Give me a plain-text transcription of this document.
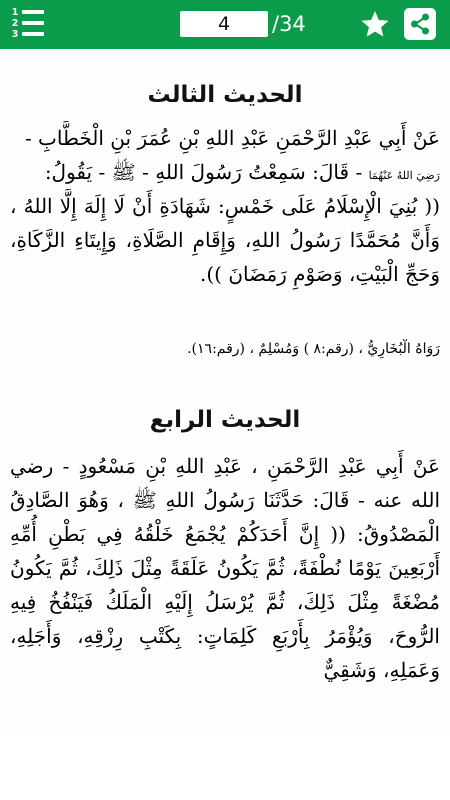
1
2
3
4	/34
الحديث الثالث
عَنْ أَبِي عَبْدِ الرَّحْمَنِ عَبْدِ اللهِ بْنِ عُمَرَ بْنِ الْخَطَّابِ -
رَضِيَ اللهُ عَنْهُمَا - قَالَ: سَمِعْتُ رَسُولَ اللهِ - ﷺ - يَقُولُ:
(( بُنِيَ الْإِسْلَامُ عَلَى خَمْسٍ: شَهَادَةِ أَنْ لَا إِلَهَ إِلَّا اللهُ ، وَأَنَّ مُحَمَّدًا رَسُولُ اللهِ، وَإِقَامِ الصَّلَاةِ، وَإِيتَاءِ الزَّكَاةِ، وَحَجِّ الْبَيْتِ، وَصَوْمِ رَمَضَانَ )).
رَوَاهُ الْبُخَارِيُّ ، (رقم:٨ ) وَمُسْلِمٌ ، (رقم:١٦).
الحديث الرابع
عَنْ أَبِي عَبْدِ الرَّحْمَنِ ، عَبْدِ اللهِ بْنِ مَسْعُودٍ - رضي الله عنه - قَالَ: حَدَّثَنَا رَسُولُ اللهِ ﷺ ، وَهُوَ الصَّادِقُ الْمَصْدُوقُ: (( إِنَّ أَحَدَكُمْ يُجْمَعُ خَلْقُهُ فِي بَطْنِ أُمِّهِ أَرْبَعِينَ يَوْمًا نُطْفَةً، ثُمَّ يَكُونُ عَلَقَةً مِثْلَ ذَلِكَ، ثُمَّ يَكُونُ مُضْغَةً مِثْلَ ذَلِكَ، ثُمَّ يُرْسَلُ إِلَيْهِ الْمَلَكُ فَيَنْفُخُ فِيهِ الرُّوحَ، وَيُؤْمَرُ بِأَرْبَعِ كَلِمَاتٍ: بِكَتْبِ رِزْقِهِ، وَأَجَلِهِ، وَعَمَلِهِ، وَشَقِيٌّ
